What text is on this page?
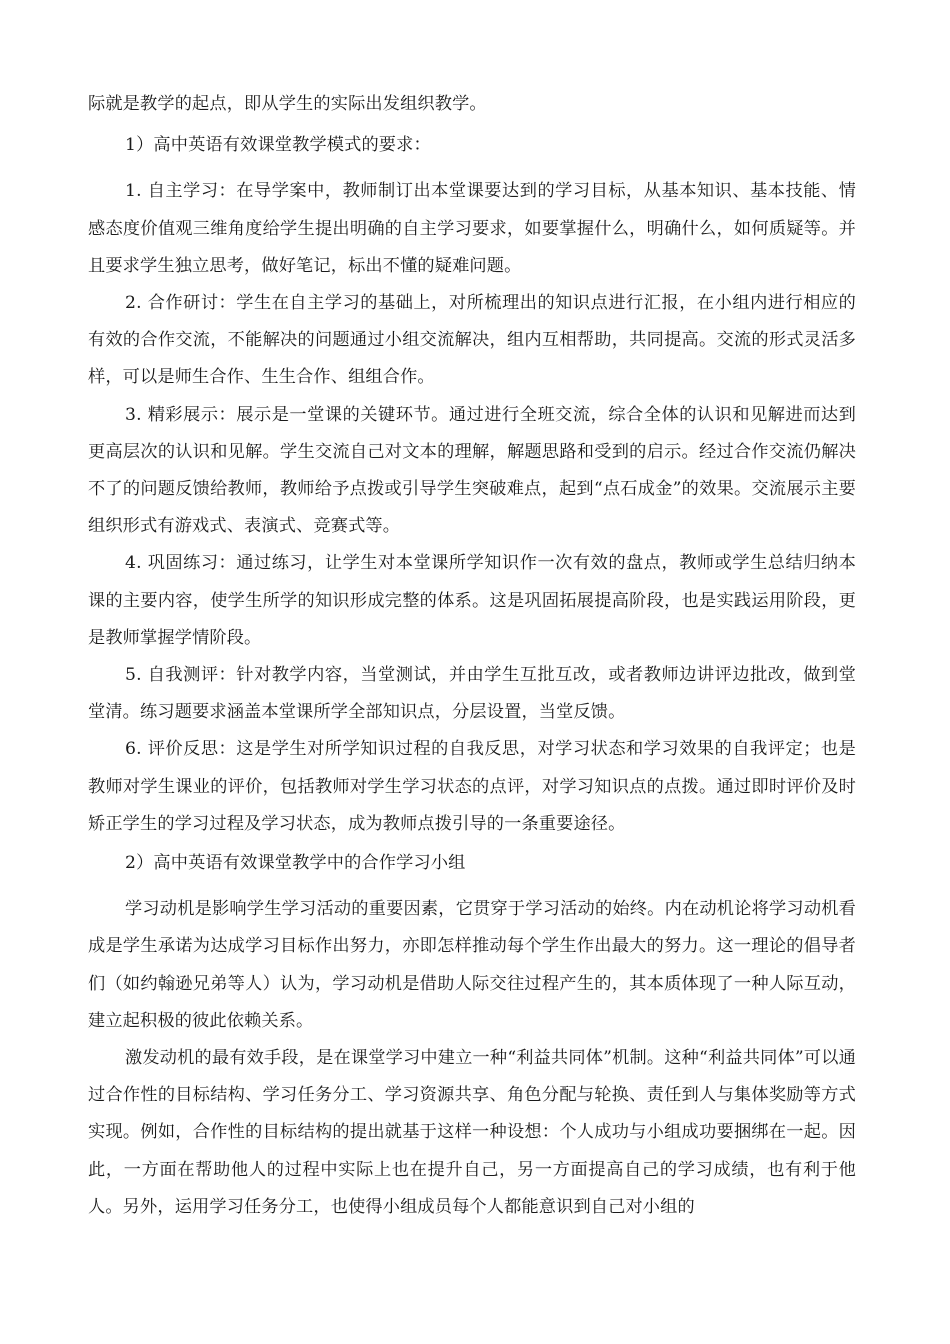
际就是教学的起点，即从学生的实际出发组织教学。

1）高中英语有效课堂教学模式的要求：

1. 自主学习：在导学案中，教师制订出本堂课要达到的学习目标，从基本知识、基本技能、情感态度价值观三维角度给学生提出明确的自主学习要求，如要掌握什么，明确什么，如何质疑等。并且要求学生独立思考，做好笔记，标出不懂的疑难问题。

2. 合作研讨：学生在自主学习的基础上，对所梳理出的知识点进行汇报，在小组内进行相应的有效的合作交流，不能解决的问题通过小组交流解决，组内互相帮助，共同提高。交流的形式灵活多样，可以是师生合作、生生合作、组组合作。

3. 精彩展示：展示是一堂课的关键环节。通过进行全班交流，综合全体的认识和见解进而达到更高层次的认识和见解。学生交流自己对文本的理解，解题思路和受到的启示。经过合作交流仍解决不了的问题反馈给教师，教师给予点拨或引导学生突破难点，起到“点石成金”的效果。交流展示主要组织形式有游戏式、表演式、竞赛式等。

4. 巩固练习：通过练习，让学生对本堂课所学知识作一次有效的盘点，教师或学生总结归纳本课的主要内容，使学生所学的知识形成完整的体系。这是巩固拓展提高阶段，也是实践运用阶段，更是教师掌握学情阶段。

5. 自我测评：针对教学内容，当堂测试，并由学生互批互改，或者教师边讲评边批改，做到堂堂清。练习题要求涵盖本堂课所学全部知识点，分层设置，当堂反馈。

6. 评价反思：这是学生对所学知识过程的自我反思，对学习状态和学习效果的自我评定；也是教师对学生课业的评价，包括教师对学生学习状态的点评，对学习知识点的点拨。通过即时评价及时矫正学生的学习过程及学习状态，成为教师点拨引导的一条重要途径。

2）高中英语有效课堂教学中的合作学习小组

学习动机是影响学生学习活动的重要因素，它贯穿于学习活动的始终。内在动机论将学习动机看成是学生承诺为达成学习目标作出努力，亦即怎样推动每个学生作出最大的努力。这一理论的倡导者们（如约翰逊兄弟等人）认为，学习动机是借助人际交往过程产生的，其本质体现了一种人际互动，建立起积极的彼此依赖关系。

激发动机的最有效手段，是在课堂学习中建立一种“利益共同体”机制。这种“利益共同体”可以通过合作性的目标结构、学习任务分工、学习资源共享、角色分配与轮换、责任到人与集体奖励等方式实现。例如，合作性的目标结构的提出就基于这样一种设想：个人成功与小组成功要捆绑在一起。因此，一方面在帮助他人的过程中实际上也在提升自己，另一方面提高自己的学习成绩，也有利于他人。另外，运用学习任务分工，也使得小组成员每个人都能意识到自己对小组的
